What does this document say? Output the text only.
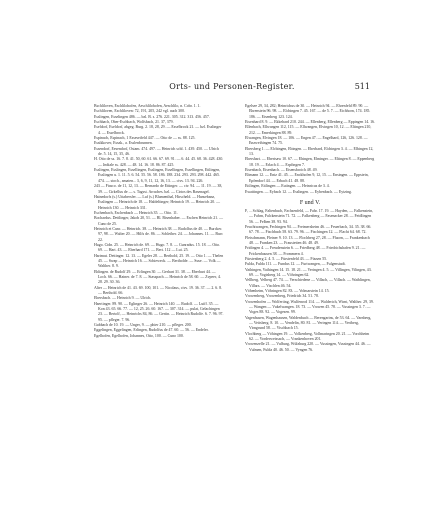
Orts- und Personen-Register.	511

Bschliloven, Eschlilohofen, Aeschlilohofen, Aeschlilo, n. Cobr. 1. 1.

Eschliloven, Eschliloven: 72, 191, 205, 242 vgl. auch 300.

Esslingen, Esselingen 486. — bzl. B. s. 276. 221. 305. 312. 313. 456. 457.

Eschbach, Ober-Eschbach, Wolfsbach, 21. 37, 379.

Eseldorf, Eseldorf, abgeg. Burg. 2. 18, 28, 29. — Esselbrock 21. — bzl. Esslinger 4. — Esselbrock.

Espinach, Espinach, 1 Esseseifeld 447. — Otto de — ss. 88. 125.

Essikkover, Esszk., a. Esslenbrunnen.

Essendorf, Eesendorf, Ostam. 474. 497. — Heinrich scbl. 1. 439. 450. — Ulrich de. 5. 14, 15, 35, 46.

H. Otto de ss. 16. 7. 8. 41. 50, 60. 61. 66. 67. 69. 91. — 6. 44. 45. 68. 36. 428. 430. — Jndiale ss. 428. — 48. 14. 16. 18. 86. 87. 425.

Esslingen, Esslingen, Essellingen, Esslingen, Essellingen, Essellingen, Ettlingen, Esslingen u. 1. 11. 5. 6. 54. 55. 56. 58. 186. 188. 234. 293. 293. 298. 442. 465. 474. — stoch., amaten... 3, 6, 9, 11, 12, 16, 13. — civs. 13. 94. 226.

243 — Fiasco. de 11, 12, 13. — Bernardo de Ettinger. — civ. 94. — 11. 19. — 38, 39. — Cirkellus de — s. Tagsst. Arraches. bzl. — Cirtos des Basenagel.

Hainedorfs (s.) Uttabersfer. — Luf (s.) Blumenthal, Hirscheld. — Hansebanz, Esslingen — Heinrich de 18. — Haldeltinger; Heinrich 19. — Heinrich 20. — Heinrich 130. — Heinrich 331.

Eschenbach, Eschenbach — Heinrich 35. — Otto. 11.

Bochardus. Dettlinger, Jakob 20, 51. — Bl. Bisenhaber. — Eschen Heinrich 21. — Cuno de 25.

Heinrich et Cunr. — Heinrich. 38. — Heinrich 38. — Rudolfus de 40. — Burcker. 97, 98. — Walter 20. — Hilfs de. 86. — Schleiber. 24. — Johannes. 11. — Burc 22.

Hugo. Cidn. 25. — Heinrich de. 69. — Hugo. 7. 8. — Cunradus. 15. 18. — Otto. 69. — Hart. 43. — Eberhard 171. — Bert. 112 — Lui. 25.

Hartmut. Dettinger. 12. 13. — Egeler 28. — Berthold, 25. 19. — Otto 1. — Thelen 45. — Swap — Heinrich 16. — Schieweck. — Bertholde. — Suse. — Volk — Walther. 8. 9.

Eblingen. de Rudolf 29. — Erlingen 30. — Gerhart 31. 38. — Eberhart 44. — Loch. 66. — Hainer. de 7. 8. — Stasspach — Heinrich de 58. 60. — Zvpeer, 4. 28. 29. 30. 36.

Alter — Heinrich de 41. 43. 69. 100, 101. — Nicolaus, civs. 19. 36. 37. — 2. 6. 8. — Berthold. 66.

Ebersbach. — Heinrich 9. — Ulrich.

Haertinger. 89. 90. — Eglinger 26. — Heinrich 140. — Rudolf. — Luiff. 35. — Kon 43. 65. 66. 77. — 12, 25. 26. 60. 167. — 307. 314. — pulat, Gelachingen 23. — Bertolf, — Heinrichs 84, 86. — Gertin. — Heinrich Rudolfe. 6. 7. 96. 97. 95. — pfleger. 7. 96.

Gubbach de 10. 19. — Unger, 9. — phier 210. — pfleger. 200.

Eggelingen, Eggelingen, Erlingen, Rudolfus de 47. 60. — 56. — Endeler.

Egelhofen, Egelhofen, Johannes, Otto, 100. — Cuno 100.

Egelsee 29, 34, 282; Heinrichus de 30. — Heinrich 94. — Ehrenfeld 89. 90. — Ehrenstein 96. 98. — Elchingen 7. 45. 167. — de 5. 7. — Eichhorn, 174. 185. 186. — Eisenberg 123. 124.

Eisenhard 8. 9. — Ekkehard 210. 244. — Ellenberg, Ellenberg — Eppingen 14. 16.

Ellenbach, Ellwangen 112, 115. — Ellwangen, Elvingen 10, 12. — Eltingen 210, 212. — Emerkingen 88. 89.

Elwangen, Elvingen 18. — 106. — Engen 47. — Engelhard, 126, 126. 128. — Enzweihingen 74. 75.

Ebersberg 1. — Elcbingen, Ebingen. — Eberhard, Elchingen 3. 4. — Elbingen 12, 13.

Ebershart. — Ebertsaw 10. 67. — Ehingen, Ehninger. — Eltingen 8. — Eppenberg 18. 19. — Erlach 4. — Erpfingen 7.

Eisenbach, Eisenbach. — Eisensbroich 48. 49.

Eltmann 12. — Entz 41. 45. — Enckhofen 9, 12, 15. — Ensingen. — Eppstein, Epfendorf 44. — Erbach 41. 48. 88.

Ettlingen, Ettlingen — Eutingen. — Heinricus de 3. 4.

Ewattingen. — Eybach 12. — Esslingen. — Eybenbach. — Eytzing.

F und V.

F, ... Schlag, Faltenbach, Fachsenfeld, — Fahr. 17. 19. — Hayden, — Falkenstein, — Fahrn, Falckenstein 71. 72. — Falkenberg — Fasenacker 28. — Feidlingen 56. — Felben 38. 93. 94.

Feuchtwangen, Fechingen 94. — Freimersheim 46. — Feuerbach, 34. 35. 38. 66. 67. 78. — Fischbach 58. 63. 79. 96. — Fischingen 12. — Flacht 64. 68. 72.

Fleischmann, Fleiner 9. 10. 13. — Flochberg 27, 28. — Fluorn, — Frankenbach 48. — Franken 23. — Fraustetten 46. 48. 49.

Fridingen 4. — Freudenstein 6. — Friedberg 48. — Friedrichshafen 9. 21. — Frickenhausen 38. — Frommern 4.

Fürstenberg 2. 4. 5. — Fürstenfeld 43. — Füssen 55.

Fulda, Fulda 111. — Fundus 12. — Furtwangen, — Fulgenstadt.

Vaihingen, Vaihingen 14. 15. 18. 21. — Veringen 4. 5. — Villingen, Vilingen, 43. 69. — Vogtsberg 14. — Vöhringen 62.

Vellberg, Velberg 47. 74. — Verschiedene — Villach, — Villach. — Waiblingen, Villars. — Vischlen 46. 54.

Vöhenheim, Vöhringen 82. 83. — Volmarstein 14. 15.

Vrowenberg, Vrowenberg, Friedrich 34. 51. 78.

Vrowenhofen — Wolferting, Wulfenrod 114. — Walderich, Wirnt, Walther. 29, 39. — Wangen — Vukelwangen. 18. 73. — Vrowen 45. 78. — Vussingen 3. 7. — Voges 88. 92. — Vogesen. 99.

Vagenhusen, Wagenhausen, Waldenbuch — Berengarins, de 53. 64. — Varnberg, — Veitsberg. 8. 10. — Vendelin, 80. 81. — Veringen 114. — Veriberg, Virngrund 58. — Vischbach 15.

Vlochberg — Vöhingen 19. — Volkenberg, Vollmaringen 20. 21. — Vorchheim 62. — Vorderweissach, — Vrankenhoven 201.

Vrowenzelle 21. — Vulburg, Wülzburg 220. — Vussingen, Vussingen 44. 46. — Vulmen, Fulda 40. 46. 50. — Vyngen 76.
